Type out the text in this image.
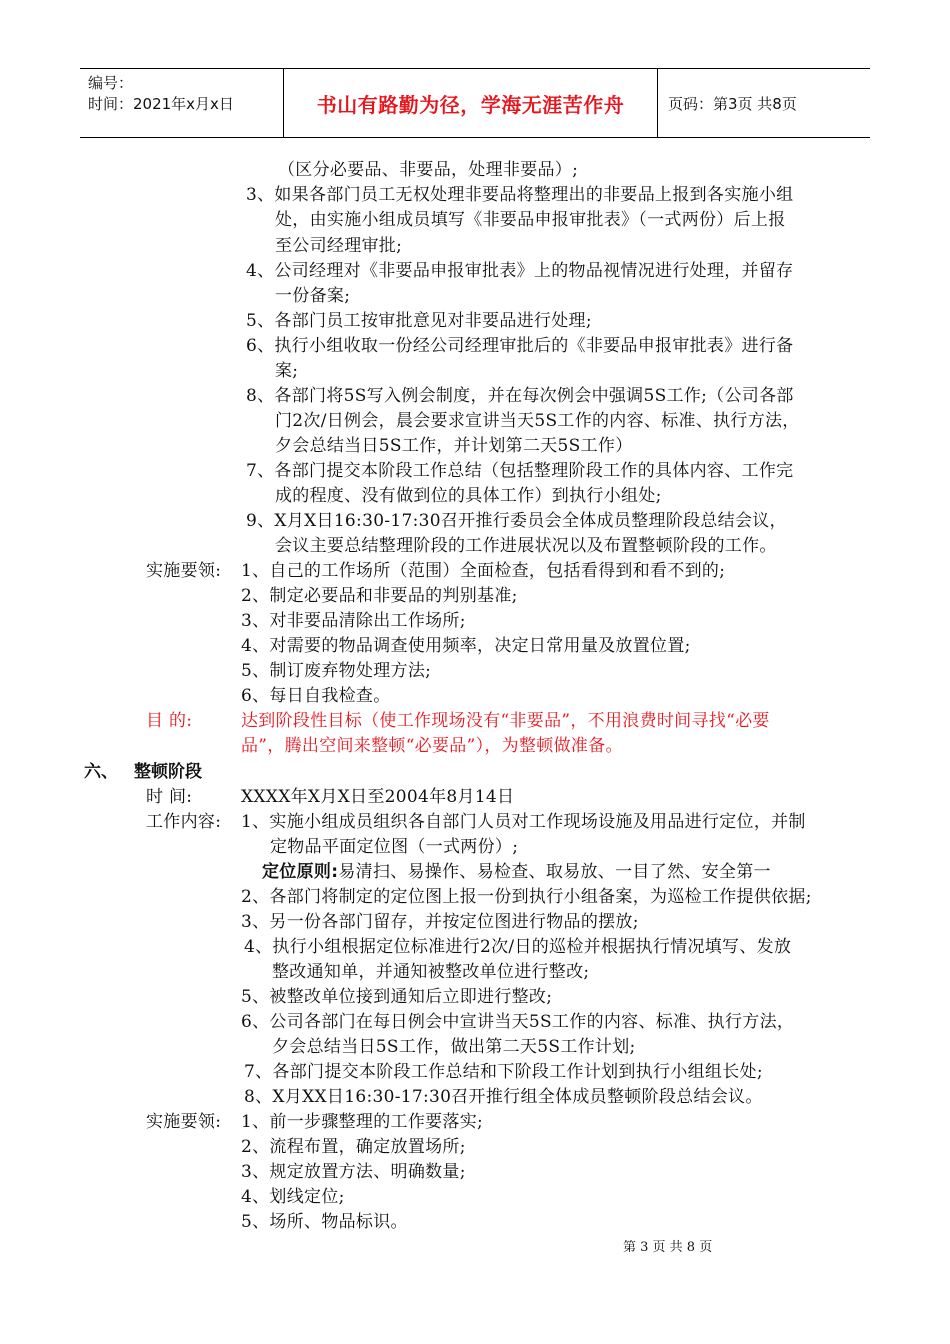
编号：
时间：2021年x月x日	书山有路勤为径，学海无涯苦作舟	页码：第3页 共8页
（区分必要品、非要品，处理非要品）;
3、如果各部门员工无权处理非要品将整理出的非要品上报到各实施小组
处，由实施小组成员填写《非要品申报审批表》（一式两份）后上报
至公司经理审批;
4、公司经理对《非要品申报审批表》上的物品视情况进行处理，并留存
一份备案;
5、各部门员工按审批意见对非要品进行处理;
6、执行小组收取一份经公司经理审批后的《非要品申报审批表》进行备
案;
8、各部门将5S写入例会制度，并在每次例会中强调5S工作;（公司各部
门2次/日例会，晨会要求宣讲当天5S工作的内容、标准、执行方法，
夕会总结当日5S工作，并计划第二天5S工作）
7、各部门提交本阶段工作总结（包括整理阶段工作的具体内容、工作完
成的程度、没有做到位的具体工作）到执行小组处;
9、X月X日16:30-17:30召开推行委员会全体成员整理阶段总结会议，
会议主要总结整理阶段的工作进展状况以及布置整顿阶段的工作。
实施要领: 1、自己的工作场所（范围）全面检查，包括看得到和看不到的;
2、制定必要品和非要品的判别基准;
3、对非要品清除出工作场所;
4、对需要的物品调查使用频率，决定日常用量及放置位置;
5、制订废弃物处理方法;
6、每日自我检查。
目 的:	达到阶段性目标（使工作现场没有“非要品”，不用浪费时间寻找“必要
品”，腾出空间来整顿“必要品”），为整顿做准备。
六、 整顿阶段
时 间:	XXXX年X月X日至2004年8月14日
工作内容: 1、实施小组成员组织各自部门人员对工作现场设施及用品进行定位，并制
定物品平面定位图（一式两份）;
定位原则:易清扫、易操作、易检查、取易放、一目了然、安全第一
2、各部门将制定的定位图上报一份到执行小组备案，为巡检工作提供依据;
3、另一份各部门留存，并按定位图进行物品的摆放;
4、执行小组根据定位标准进行2次/日的巡检并根据执行情况填写、发放
整改通知单，并通知被整改单位进行整改;
5、被整改单位接到通知后立即进行整改;
6、公司各部门在每日例会中宣讲当天5S工作的内容、标准、执行方法，
夕会总结当日5S工作，做出第二天5S工作计划;
7、各部门提交本阶段工作总结和下阶段工作计划到执行小组组长处;
8、X月XX日16:30-17:30召开推行组全体成员整顿阶段总结会议。
实施要领: 1、前一步骤整理的工作要落实;
2、流程布置，确定放置场所;
3、规定放置方法、明确数量;
4、划线定位;
5、场所、物品标识。
第 3 页 共 8 页
